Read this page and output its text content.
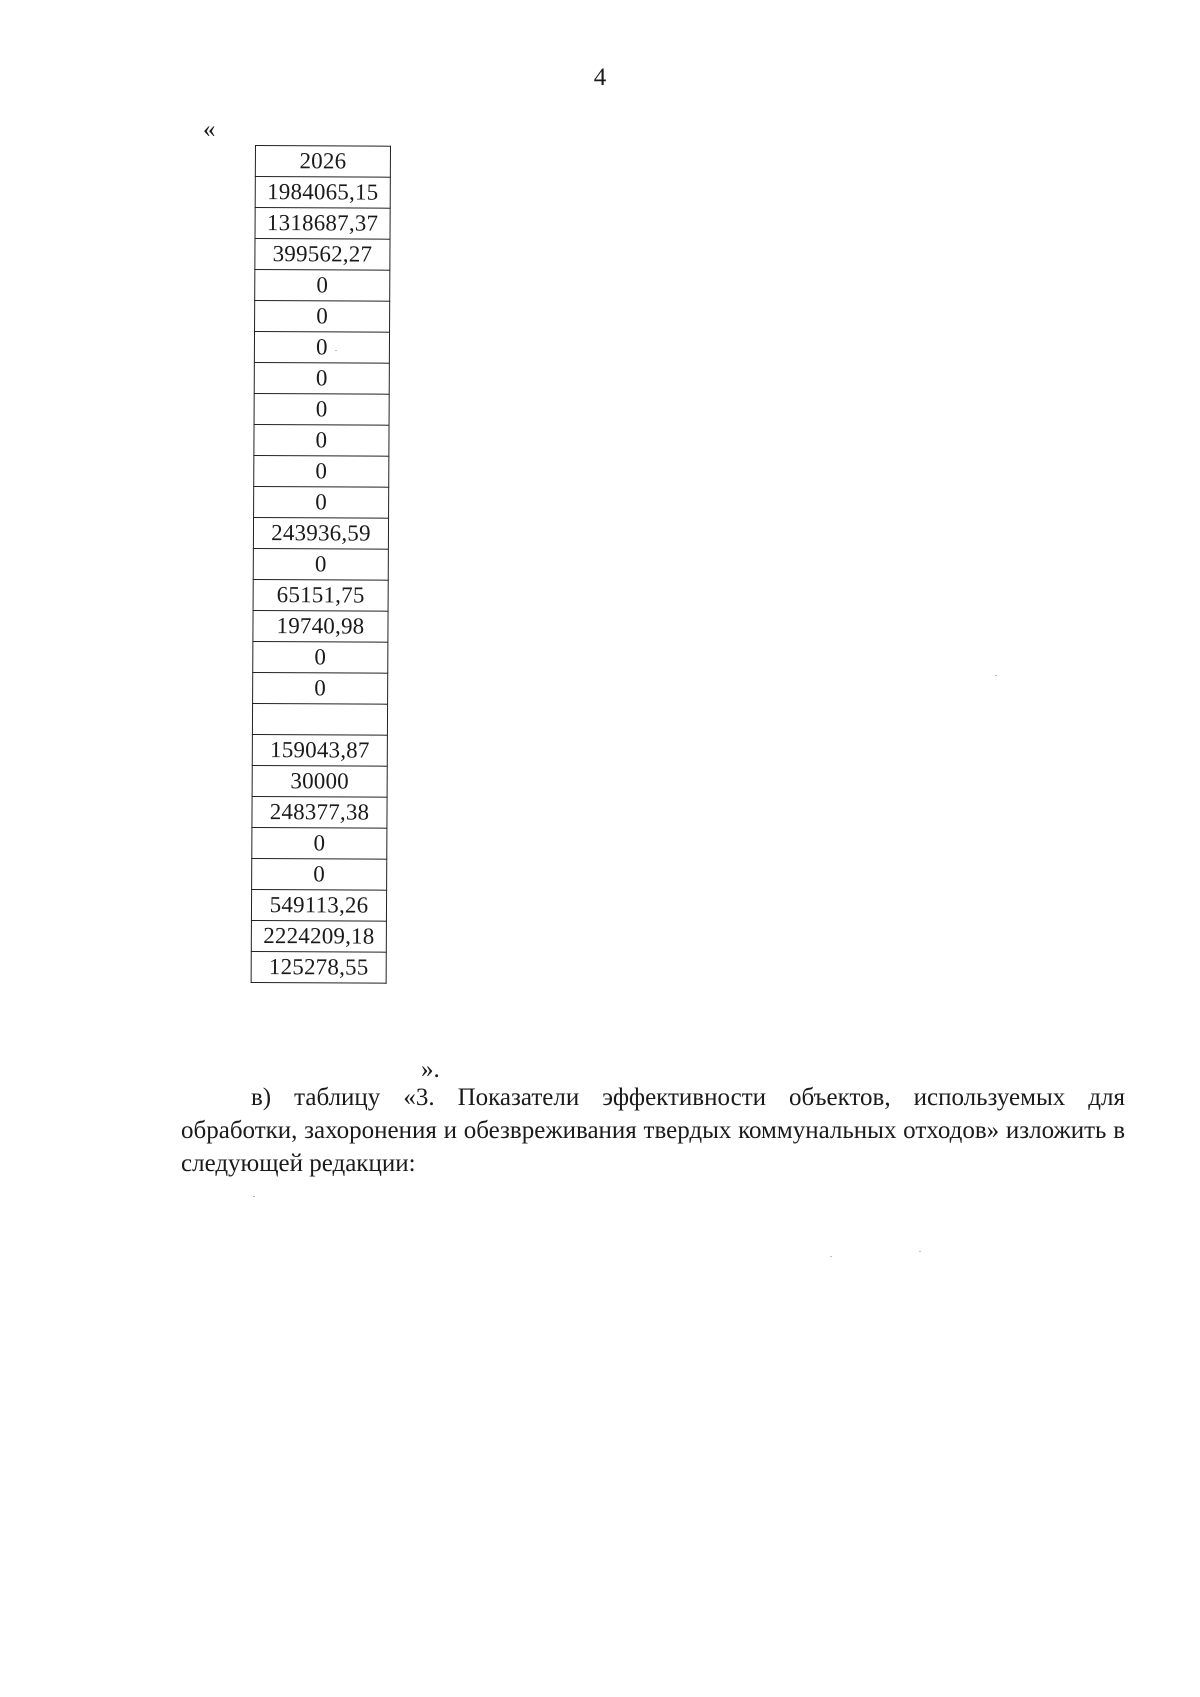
4
«
2026
1984065,15
1318687,37
399562,27
0
0
0
0
0
0
0
0
243936,59
0
65151,75
19740,98
0
0

159043,87
30000
248377,38
0
0
549113,26
2224209,18
125278,55
».

в) таблицу «3. Показатели эффективности объектов, используемых для обработки, захоронения и обезвреживания твердых коммунальных отходов» изложить в следующей редакции:
